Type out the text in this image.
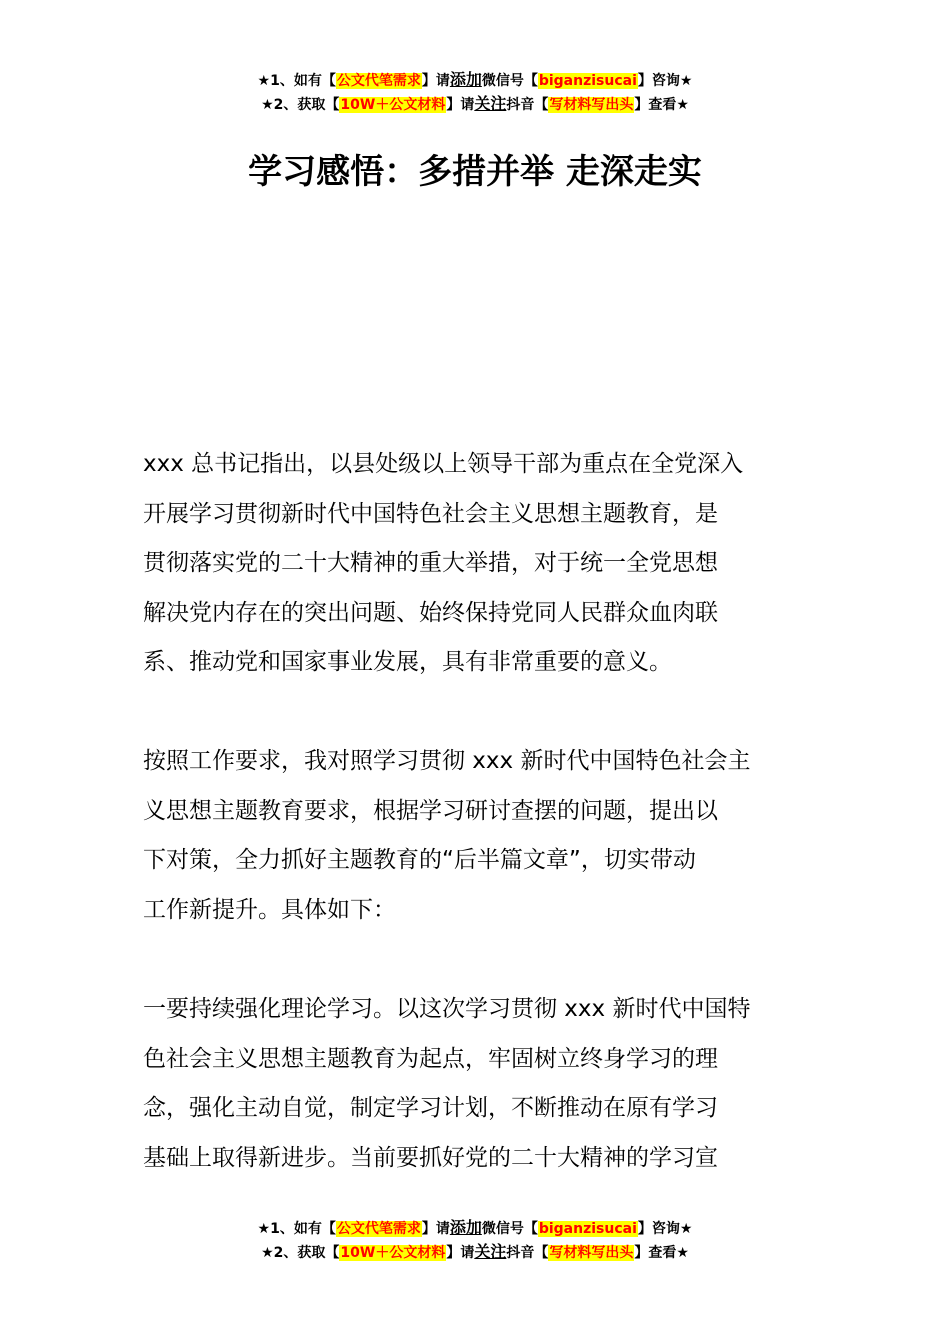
★1、如有【公文代笔需求】请添加微信号【biganzisucai】咨询★
★2、获取【10W＋公文材料】请关注抖音【写材料写出头】查看★
学习感悟：多措并举 走深走实
xxx 总书记指出，以县处级以上领导干部为重点在全党深入
开展学习贯彻新时代中国特色社会主义思想主题教育，是
贯彻落实党的二十大精神的重大举措，对于统一全党思想
解决党内存在的突出问题、始终保持党同人民群众血肉联
系、推动党和国家事业发展，具有非常重要的意义。
按照工作要求，我对照学习贯彻 xxx 新时代中国特色社会主
义思想主题教育要求，根据学习研讨查摆的问题，提出以
下对策，全力抓好主题教育的“后半篇文章”，切实带动
工作新提升。具体如下：
一要持续强化理论学习。以这次学习贯彻 xxx 新时代中国特
色社会主义思想主题教育为起点，牢固树立终身学习的理
念，强化主动自觉，制定学习计划，不断推动在原有学习
基础上取得新进步。当前要抓好党的二十大精神的学习宣
★1、如有【公文代笔需求】请添加微信号【biganzisucai】咨询★
★2、获取【10W＋公文材料】请关注抖音【写材料写出头】查看★
